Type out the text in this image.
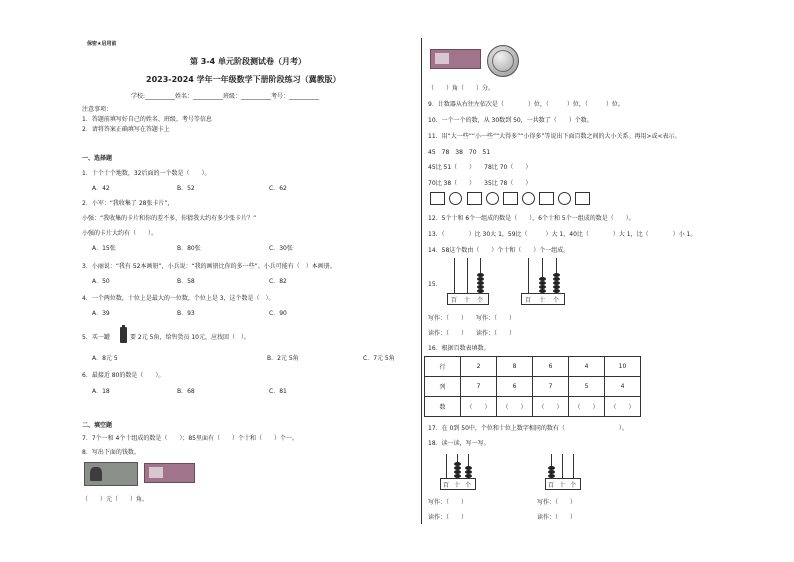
保密★启用前
第 3-4 单元阶段测试卷（月考）
2023-2024 学年一年级数学下册阶段练习（冀教版）
学校:__________姓名：__________班级：__________考号：__________
注意事项：
1．答题前填写好自己的姓名、班级、考号等信息
2．请将答案正确填写在答题卡上
一、选择题
1．十个十个地数，32后面的一个数是（　　）。
A．42	B．52	C．62
2．小军：“我收集了 28张卡片”，
小强：“我收集的卡片和你的差不多，你猜我大约有多少张卡片？”
小强的卡片大约有（　　）。
A．15张	B．80张	C．30张
3．小丽说：“我有 52本画册”，小兵说：“我的画册比你的多一些”。小兵可能有（　）本画册。
A．50	B．58	C．82
4．一个两位数，十位上是最大的一位数，个位上是 3，这个数是（　）。
A．39	B．93	C．90
5．买一罐	要 2元 5角，给售货员 10元，应找回（　）。
A．8元 5	B．2元 5角	C．7元 5角
6．最接近 80的数是（　　）。
A．18	B．68	C．81
二、填空题
7．7个一和 4个十组成的数是（　　）；85里面有（　　）个十和（　　）个一。
8．写出下面的钱数。
（　　）元（　　）角。
（　　）角（　　）分。
9．计数器从右往左依次是（　　　　）位，（　　　）位，（　　　）位。
10．一个一个的数，从 30数到 50，一共数了（　　）个数。
11．用“大一些”“小一些”“大得多”“小得多”等说出下面百数之间的大小关系。再用>或<表示。
45　78　38　70　51
45比 51（　　）　　78比 70（　　）
70比 38（　　）　　35比 78（　　）
12．5个十和 6个一组成的数是（　　），6个十和 5个一组成的数是（　　）。
13．（　　　　）比 30大 1，59比（　　　）大 1，40比（　　　　）大 1，比（　　　　）小 1。
14．58这个数由（　　）个十和（　　）个一组成。
15．
百 十 个	百 十 个
写作：（　　）　　写作：（　　）
读作：（　　）　　读作：（　　）
16．根据百数表填数。
行	2	8	6	4	10
列	7	6	7	5	4
数	（　　）	（　　）	（　　）	（　　）	（　　）
17．在 0到 50中，个位和十位上数字相同的数有（　　　　　　　　　）。
18．读一读，写一写。
百 十 个	百 十 个
写作：（　　）
读作：（　　）
写作：（　　）
读作：（　　）
